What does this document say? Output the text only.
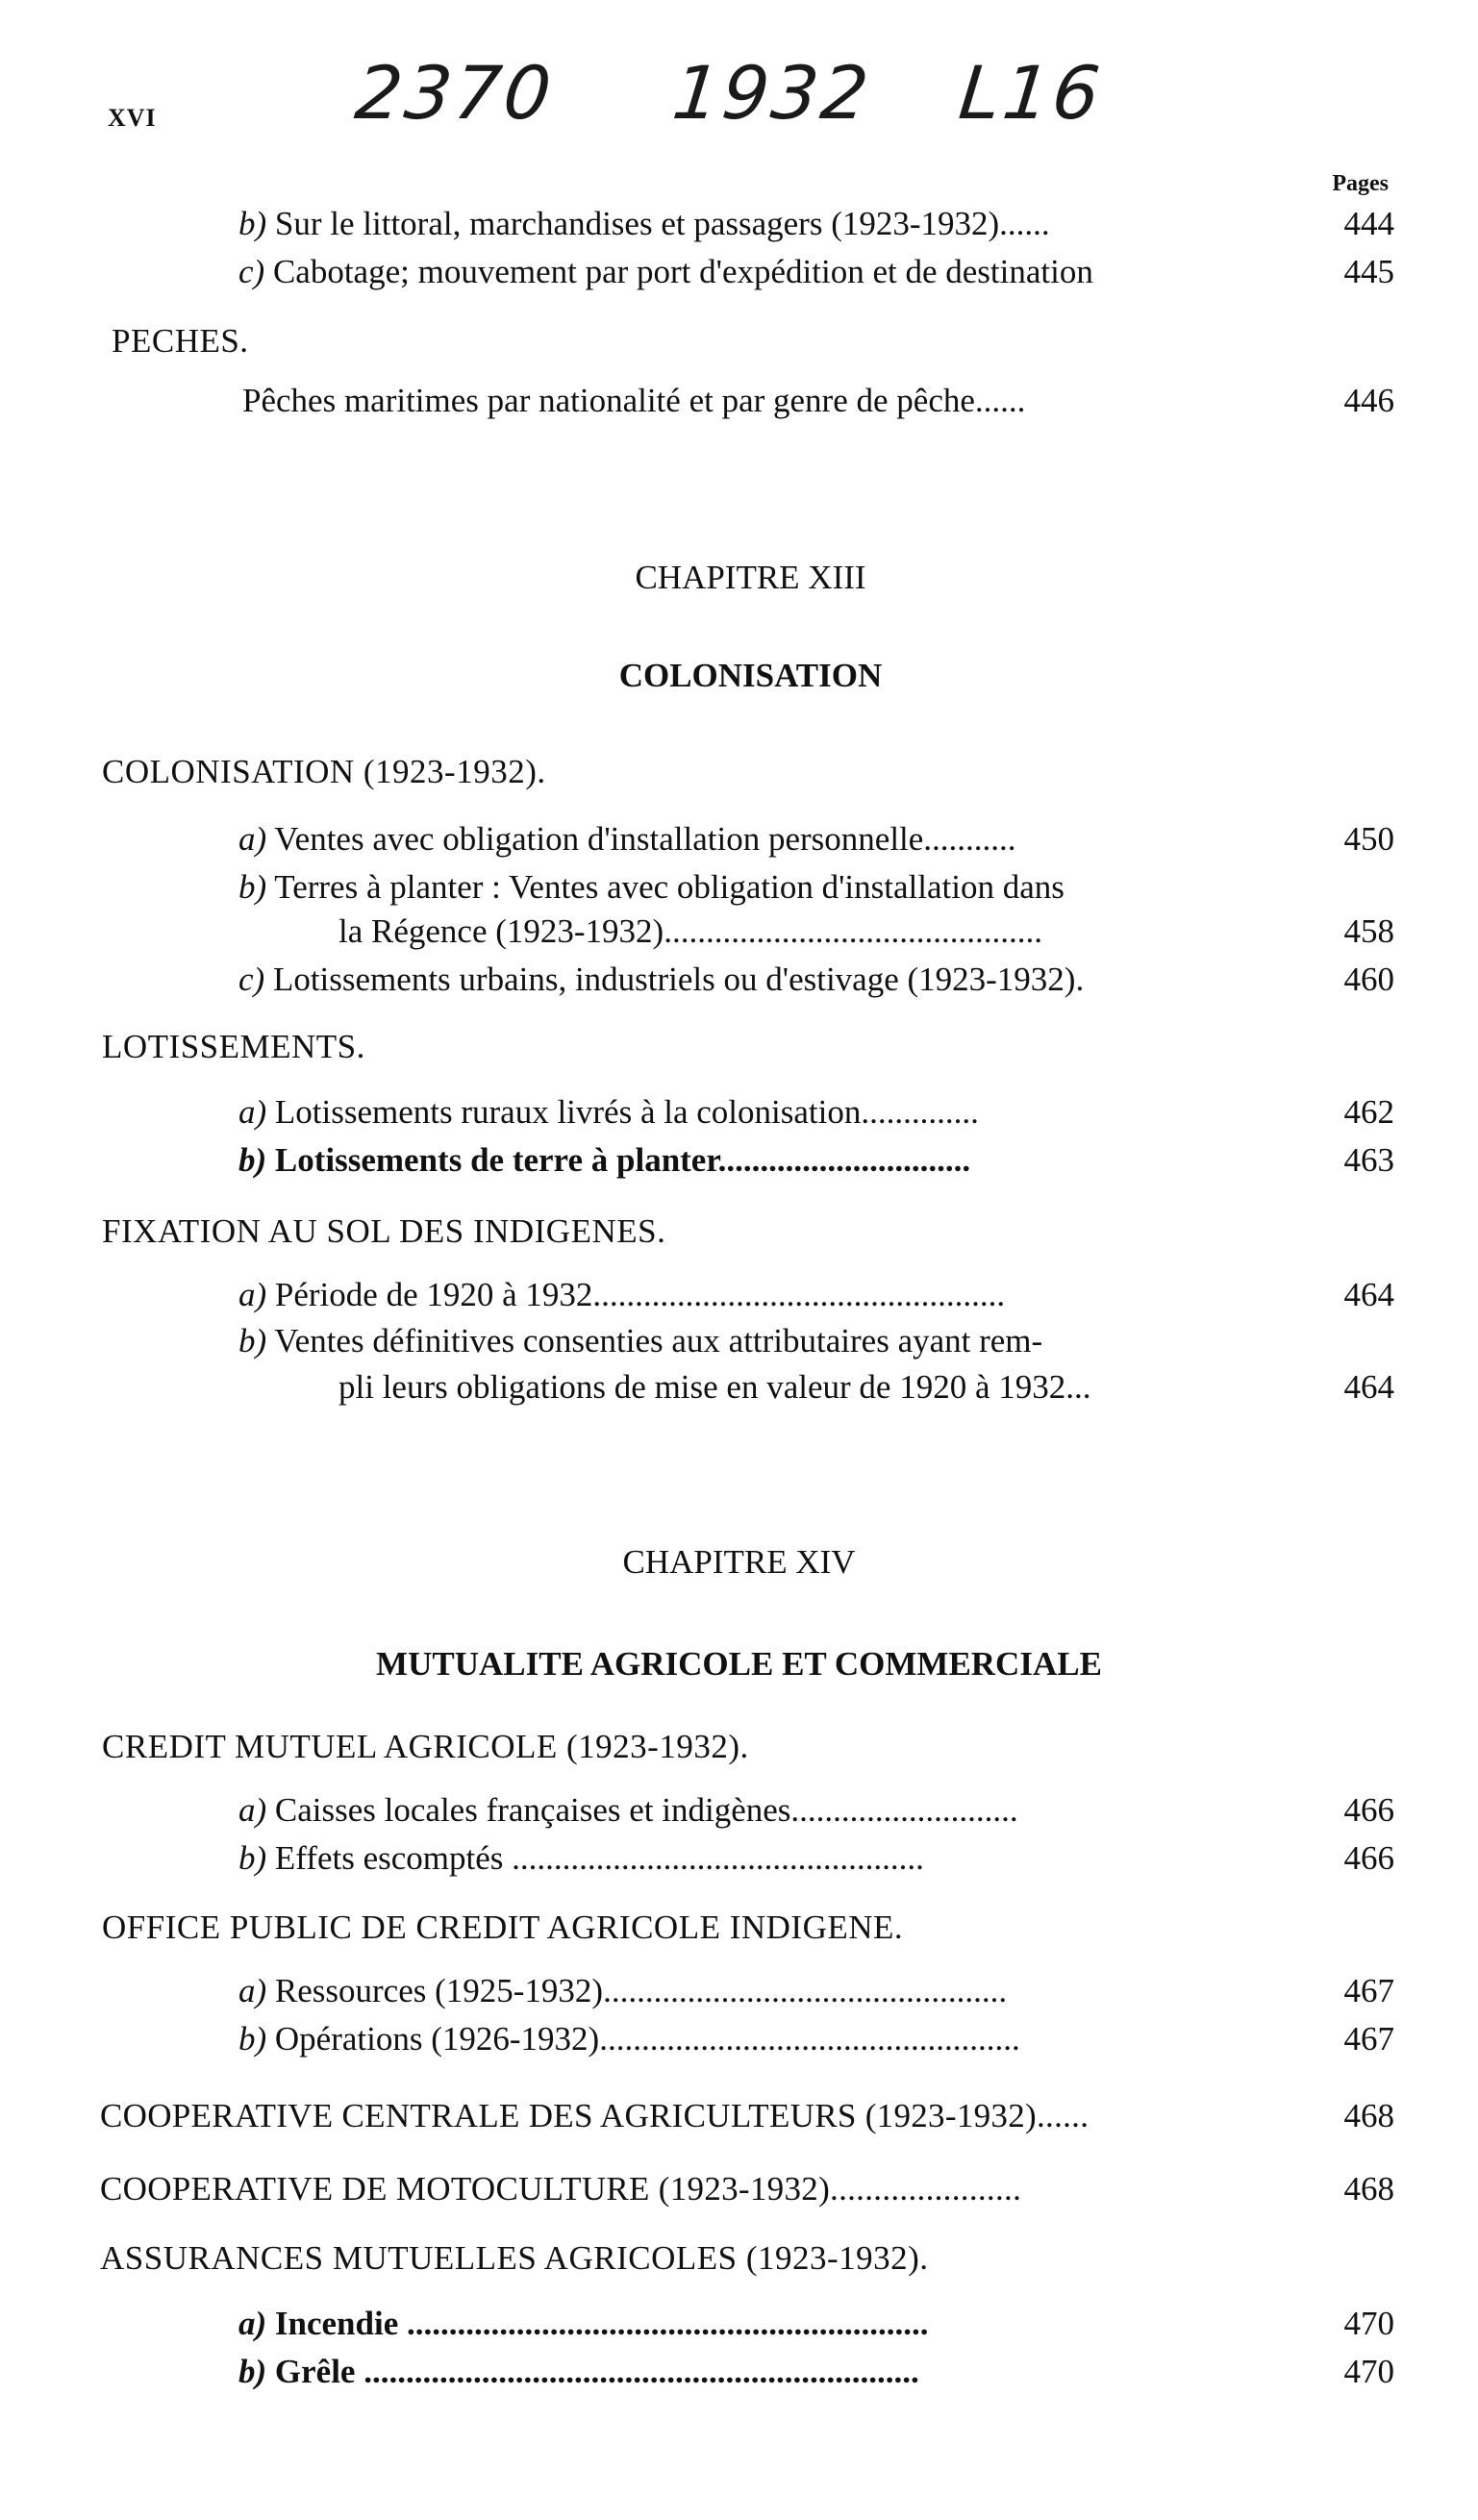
XVI	2370 1932 L16
Pages
b) Sur le littoral, marchandises et passagers (1923-1932)......	444
c) Cabotage; mouvement par port d'expédition et de destination	445
PECHES.
Pêches maritimes par nationalité et par genre de pêche......	446
CHAPITRE XIII
COLONISATION
COLONISATION (1923-1932).
a) Ventes avec obligation d'installation personnelle...........	450
b) Terres à planter : Ventes avec obligation d'installation dans
la Régence (1923-1932).............................................	458
c) Lotissements urbains, industriels ou d'estivage (1923-1932).	460
LOTISSEMENTS.
a) Lotissements ruraux livrés à la colonisation..............	462
b) Lotissements de terre à planter..............................	463
FIXATION AU SOL DES INDIGENES.
a) Période de 1920 à 1932.................................................	464
b) Ventes définitives consenties aux attributaires ayant rem-
pli leurs obligations de mise en valeur de 1920 à 1932...	464
CHAPITRE XIV
MUTUALITE AGRICOLE ET COMMERCIALE
CREDIT MUTUEL AGRICOLE (1923-1932).
a) Caisses locales françaises et indigènes...........................	466
b) Effets escomptés .................................................	466
OFFICE PUBLIC DE CREDIT AGRICOLE INDIGENE.
a) Ressources (1925-1932)................................................	467
b) Opérations (1926-1932)..................................................	467
COOPERATIVE CENTRALE DES AGRICULTEURS (1923-1932)......	468
COOPERATIVE DE MOTOCULTURE (1923-1932)......................	468
ASSURANCES MUTUELLES AGRICOLES (1923-1932).
a) Incendie ..............................................................	470
b) Grêle ..................................................................	470
